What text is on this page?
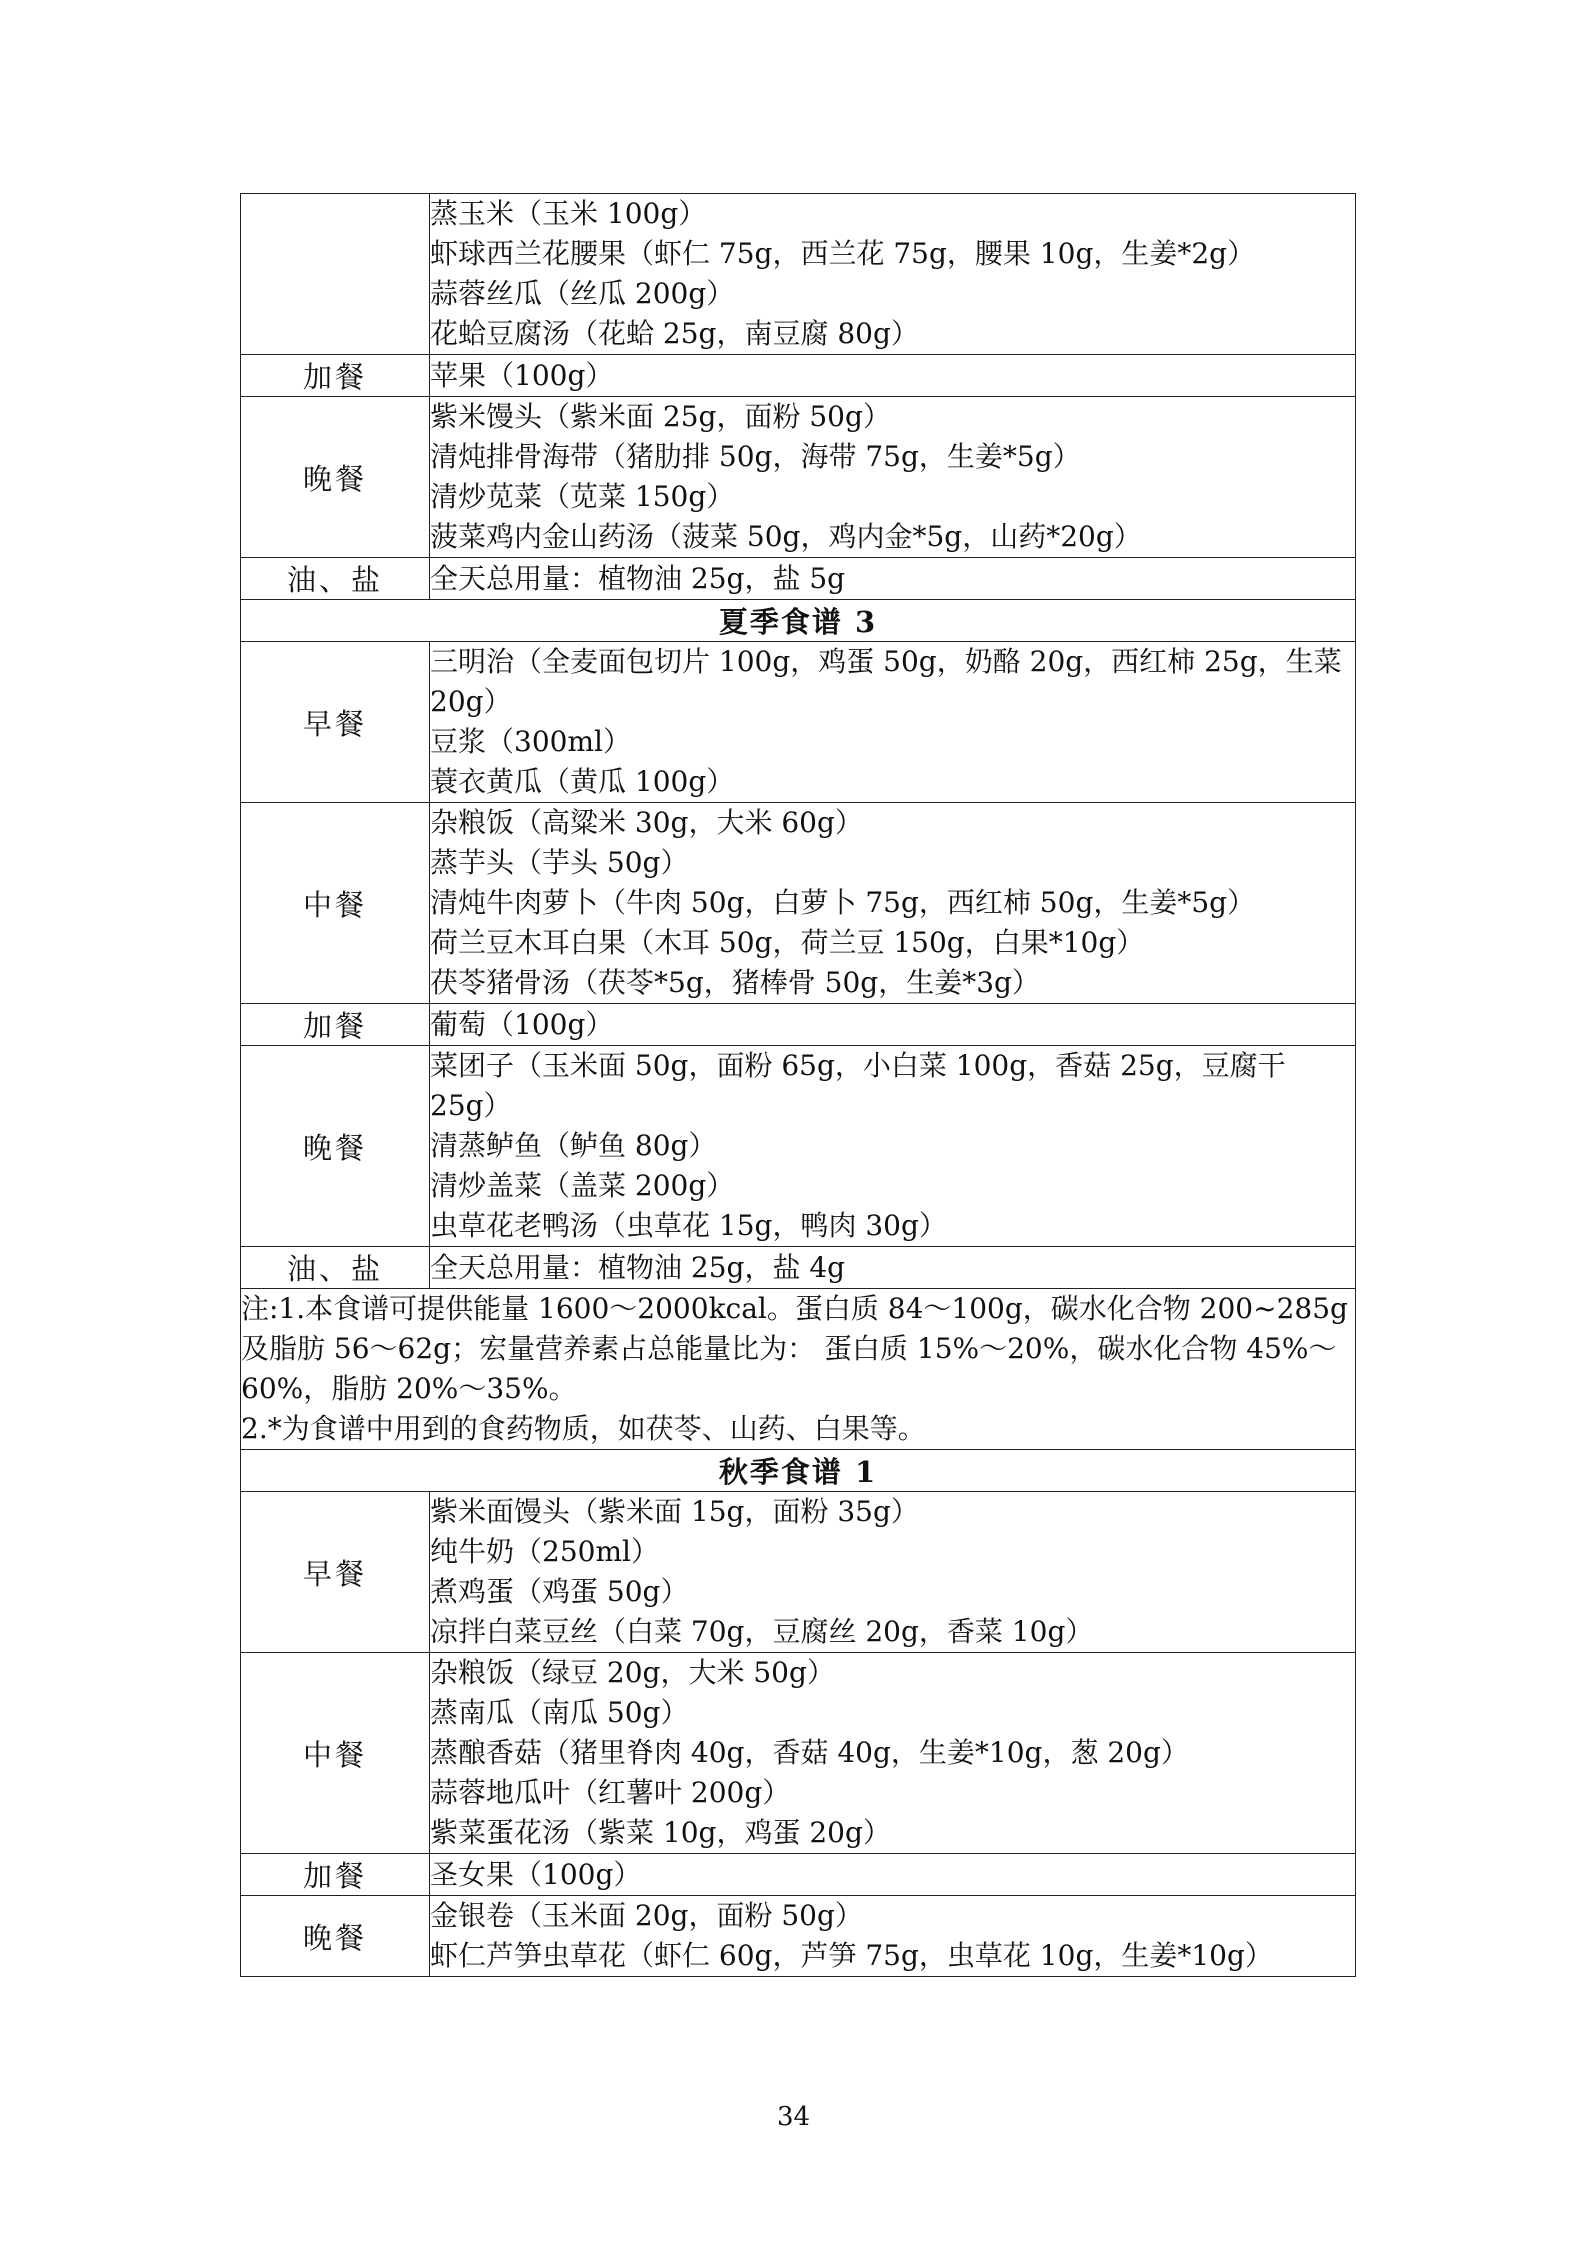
	蒸玉米（玉米 100g）
虾球西兰花腰果（虾仁 75g，西兰花 75g，腰果 10g，生姜*2g）
蒜蓉丝瓜（丝瓜 200g）
花蛤豆腐汤（花蛤 25g，南豆腐 80g）

加餐	苹果（100g）

晚餐	紫米馒头（紫米面 25g，面粉 50g）
清炖排骨海带（猪肋排 50g，海带 75g，生姜*5g）
清炒苋菜（苋菜 150g）
菠菜鸡内金山药汤（菠菜 50g，鸡内金*5g，山药*20g）

油、盐	全天总用量：植物油 25g，盐 5g

夏季食谱 3	
早餐	三明治（全麦面包切片 100g，鸡蛋 50g，奶酪 20g，西红柿 25g，生菜 20g）
豆浆（300ml）
蓑衣黄瓜（黄瓜 100g）

中餐	杂粮饭（高粱米 30g，大米 60g）
蒸芋头（芋头 50g）
清炖牛肉萝卜（牛肉 50g，白萝卜 75g，西红柿 50g，生姜*5g）
荷兰豆木耳白果（木耳 50g，荷兰豆 150g，白果*10g）
茯苓猪骨汤（茯苓*5g，猪棒骨 50g，生姜*3g）

加餐	葡萄（100g）

晚餐	菜团子（玉米面 50g，面粉 65g，小白菜 100g，香菇 25g，豆腐干 25g）
清蒸鲈鱼（鲈鱼 80g）
清炒盖菜（盖菜 200g）
虫草花老鸭汤（虫草花 15g，鸭肉 30g）

油、盐	全天总用量：植物油 25g，盐 4g

注:1.本食谱可提供能量 1600～2000kcal。蛋白质 84～100g，碳水化合物 200~285g 及脂肪 56～62g；宏量营养素占总能量比为： 蛋白质 15%～20%，碳水化合物 45%～60%，脂肪 20%～35%。
2.*为食谱中用到的食药物质，如茯苓、山药、白果等。	

秋季食谱 1	
早餐	紫米面馒头（紫米面 15g，面粉 35g）
纯牛奶（250ml）
煮鸡蛋（鸡蛋 50g）
凉拌白菜豆丝（白菜 70g，豆腐丝 20g，香菜 10g）

中餐	杂粮饭（绿豆 20g，大米 50g）
蒸南瓜（南瓜 50g）
蒸酿香菇（猪里脊肉 40g，香菇 40g，生姜*10g，葱 20g）
蒜蓉地瓜叶（红薯叶 200g）
紫菜蛋花汤（紫菜 10g，鸡蛋 20g）

加餐	圣女果（100g）

晚餐	金银卷（玉米面 20g，面粉 50g）
虾仁芦笋虫草花（虾仁 60g，芦笋 75g，虫草花 10g，生姜*10g）
34
